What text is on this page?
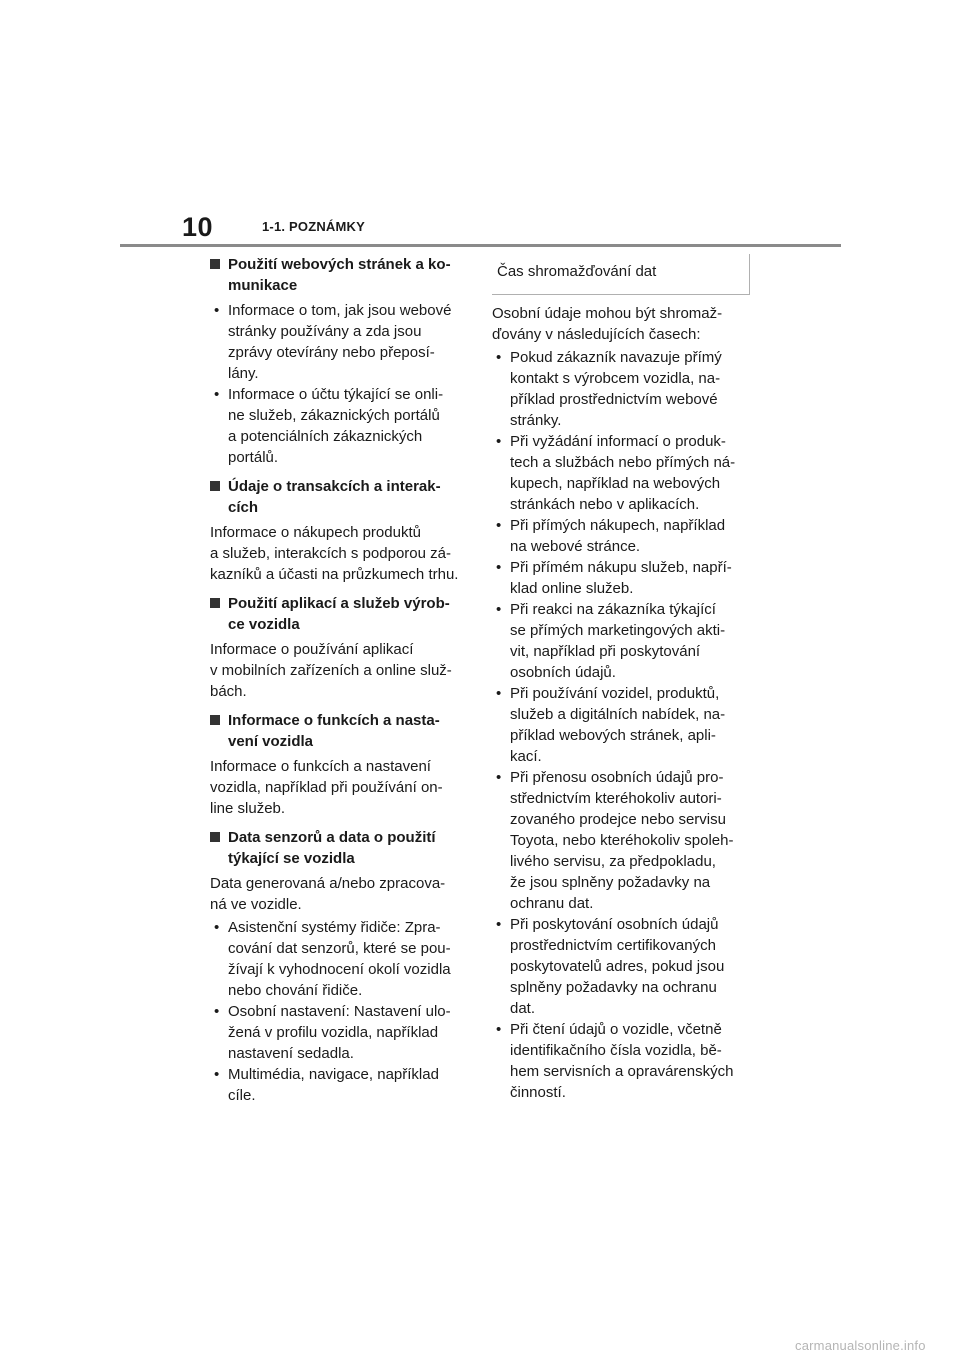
10	1-1. POZNÁMKY
Použití webových stránek a ko-
munikace
• Informace o tom, jak jsou webové
stránky používány a zda jsou
zprávy otevírány nebo přeposí-
lány.
• Informace o účtu týkající se onli-
ne služeb, zákaznických portálů
a potenciálních zákaznických
portálů.
Údaje o transakcích a interak-
cích
Informace o nákupech produktů
a služeb, interakcích s podporou zá-
kazníků a účasti na průzkumech trhu.
Použití aplikací a služeb výrob-
ce vozidla
Informace o používání aplikací
v mobilních zařízeních a online služ-
bách.
Informace o funkcích a nasta-
vení vozidla
Informace o funkcích a nastavení
vozidla, například při používání on-
line služeb.
Data senzorů a data o použití
týkající se vozidla
Data generovaná a/nebo zpracova-
ná ve vozidle.
• Asistenční systémy řidiče: Zpra-
cování dat senzorů, které se pou-
žívají k vyhodnocení okolí vozidla
nebo chování řidiče.
• Osobní nastavení: Nastavení ulo-
žená v profilu vozidla, například
nastavení sedadla.
• Multimédia, navigace, například
cíle.
Čas shromažďování dat
Osobní údaje mohou být shromaž-
ďovány v následujících časech:
• Pokud zákazník navazuje přímý
kontakt s výrobcem vozidla, na-
příklad prostřednictvím webové
stránky.
• Při vyžádání informací o produk-
tech a službách nebo přímých ná-
kupech, například na webových
stránkách nebo v aplikacích.
• Při přímých nákupech, například
na webové stránce.
• Při přímém nákupu služeb, napří-
klad online služeb.
• Při reakci na zákazníka týkající
se přímých marketingových akti-
vit, například při poskytování
osobních údajů.
• Při používání vozidel, produktů,
služeb a digitálních nabídek, na-
příklad webových stránek, apli-
kací.
• Při přenosu osobních údajů pro-
střednictvím kteréhokoliv autori-
zovaného prodejce nebo servisu
Toyota, nebo kteréhokoliv spoleh-
livého servisu, za předpokladu,
že jsou splněny požadavky na
ochranu dat.
• Při poskytování osobních údajů
prostřednictvím certifikovaných
poskytovatelů adres, pokud jsou
splněny požadavky na ochranu
dat.
• Při čtení údajů o vozidle, včetně
identifikačního čísla vozidla, bě-
hem servisních a opravárenských
činností.
carmanualsonline.info
